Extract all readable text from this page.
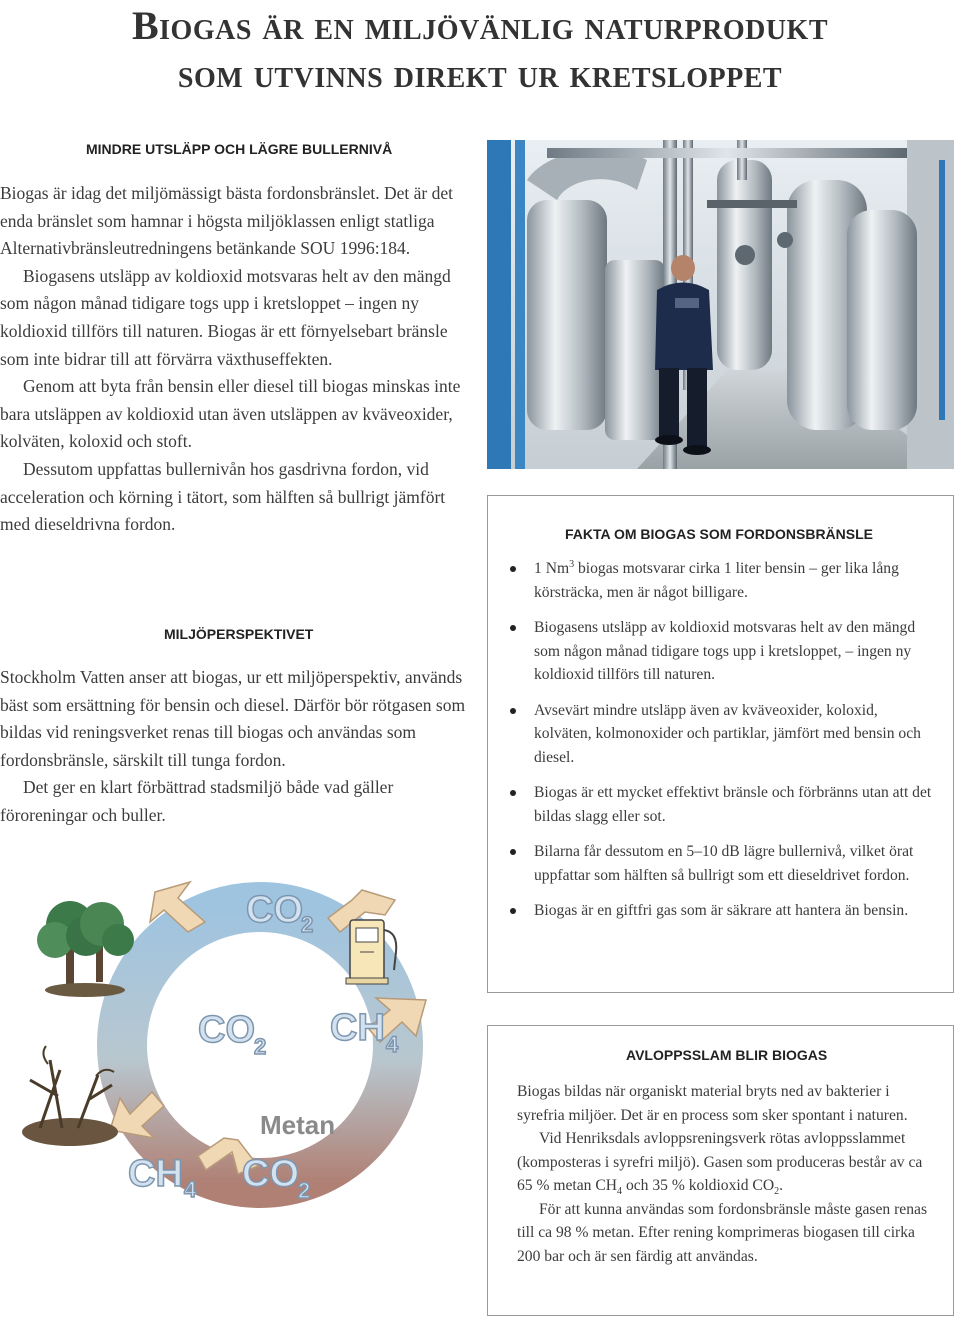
Biogas är en miljövänlig naturprodukt
som utvinns direkt ur kretsloppet
MINDRE UTSLÄPP OCH LÄGRE BULLERNIVÅ

Biogas är idag det miljömässigt bästa fordonsbränslet. Det är det enda bränslet som hamnar i högsta miljöklassen enligt statliga Alternativbränsleutredningens betänkande SOU 1996:184.

Biogasens utsläpp av koldioxid motsvaras helt av den mängd som någon månad tidigare togs upp i kretsloppet – ingen ny koldioxid tillförs till naturen. Biogas är ett förnyelsebart bränsle som inte bidrar till att förvärra växthuseffekten.

Genom att byta från bensin eller diesel till biogas minskas inte bara utsläppen av koldioxid utan även utsläppen av kväveoxider, kolväten, koloxid och stoft.

Dessutom uppfattas bullernivån hos gasdrivna fordon, vid acceleration och körning i tätort, som hälften så bullrigt jämfört med dieseldrivna fordon.

MILJÖPERSPEKTIVET

Stockholm Vatten anser att biogas, ur ett miljöperspektiv, används bäst som ersättning för bensin och diesel. Därför bör rötgasen som bildas vid reningsverket renas till biogas och användas som fordonsbränsle, särskilt till tunga fordon.

Det ger en klart förbättrad stadsmiljö både vad gäller föroreningar och buller.

FAKTA OM BIOGAS SOM FORDONSBRÄNSLE
1 Nm$^3$ biogas motsvarar cirka 1 liter bensin – ger lika lång körsträcka, men är något billigare.
Biogasens utsläpp av koldioxid motsvaras helt av den mängd som någon månad tidigare togs upp i kretsloppet, – ingen ny koldioxid tillförs till naturen.
Avsevärt mindre utsläpp även av kväveoxider, koloxid, kolväten, kolmonoxider och partiklar, jämfört med bensin och diesel.
Biogas är ett mycket effektivt bränsle och förbränns utan att det bildas slagg eller sot.
Bilarna får dessutom en 5–10 dB lägre bullernivå, vilket örat uppfattar som hälften så bullrigt som ett dieseldrivet fordon.
Biogas är en giftfri gas som är säkrare att hantera än bensin.
AVLOPPSSLAM BLIR BIOGAS

Biogas bildas när organiskt material bryts ned av bakterier i syrefria miljöer. Det är en process som sker spontant i naturen.

Vid Henriksdals avloppsreningsverk rötas avloppsslammet (komposteras i syrefri miljö). Gasen som produceras består av ca 65 % metan $CH_4$ och 35 % koldioxid $CO_2$.

För att kunna användas som fordonsbränsle måste gasen renas till ca 98 % metan. Efter rening komprimeras biogasen till cirka 200 bar och är sen färdig att användas.

CO
2
CO 2 CH 4
CH 4 CO 2
Metan
